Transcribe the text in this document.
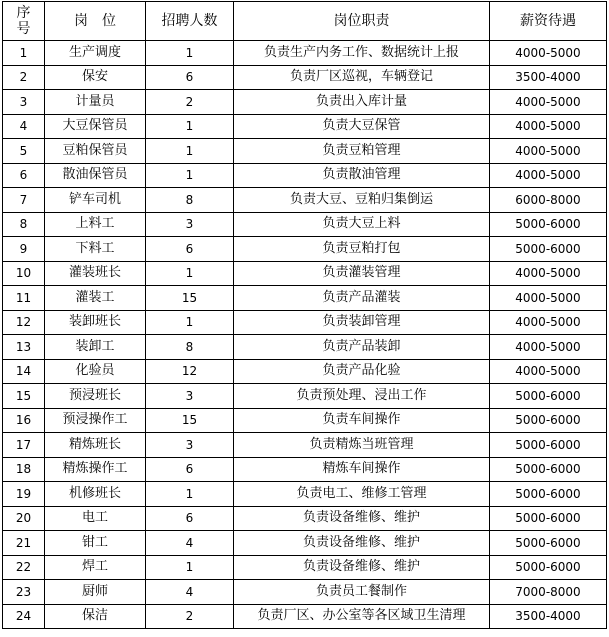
序
号	岗　位	招聘人数	岗位职责	薪资待遇
1	生产调度	1	负责生产内务工作、数据统计上报	4000-5000
2	保安	6	负责厂区巡视，车辆登记	3500-4000
3	计量员	2	负责出入库计量	4000-5000
4	大豆保管员	1	负责大豆保管	4000-5000
5	豆粕保管员	1	负责豆粕管理	4000-5000
6	散油保管员	1	负责散油管理	4000-5000
7	铲车司机	8	负责大豆、豆粕归集倒运	6000-8000
8	上料工	3	负责大豆上料	5000-6000
9	下料工	6	负责豆粕打包	5000-6000
10	灌装班长	1	负责灌装管理	4000-5000
11	灌装工	15	负责产品灌装	4000-5000
12	装卸班长	1	负责装卸管理	4000-5000
13	装卸工	8	负责产品装卸	4000-5000
14	化验员	12	负责产品化验	4000-5000
15	预浸班长	3	负责预处理、浸出工作	5000-6000
16	预浸操作工	15	负责车间操作	5000-6000
17	精炼班长	3	负责精炼当班管理	5000-6000
18	精炼操作工	6	精炼车间操作	5000-6000
19	机修班长	1	负责电工、维修工管理	5000-6000
20	电工	6	负责设备维修、维护	5000-6000
21	钳工	4	负责设备维修、维护	5000-6000
22	焊工	1	负责设备维修、维护	5000-6000
23	厨师	4	负责员工餐制作	7000-8000
24	保洁	2	负责厂区、办公室等各区域卫生清理	3500-4000
